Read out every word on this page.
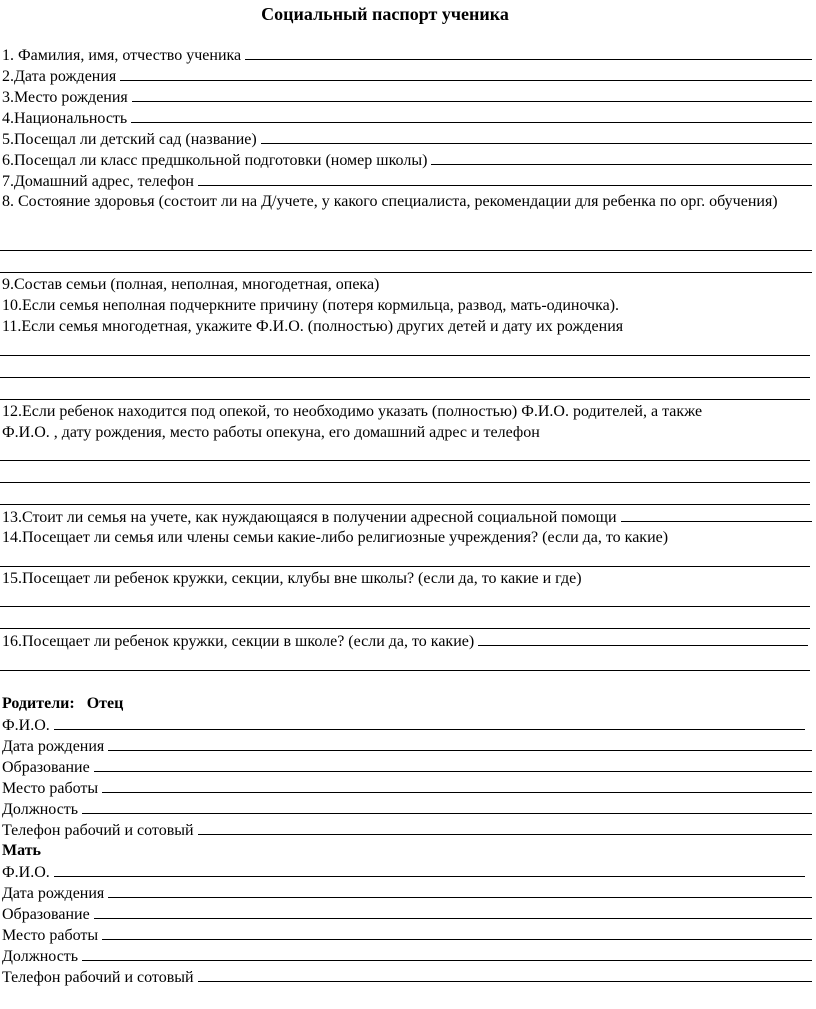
Социальный паспорт ученика
1. Фамилия, имя, отчество ученика
2.Дата рождения
3.Место рождения
4.Национальность
5.Посещал ли детский сад (название)
6.Посещал ли класс предшкольной подготовки (номер школы)
7.Домашний адрес, телефон
8. Состояние здоровья (состоит ли на Д/учете, у какого специалиста, рекомендации для ребенка по орг. обучения)
9.Состав семьи (полная, неполная, многодетная, опека)
10.Если семья неполная подчеркните причину (потеря кормильца, развод, мать-одиночка).
11.Если семья многодетная, укажите Ф.И.О. (полностью) других детей и дату их рождения
12.Если ребенок находится под опекой, то необходимо указать (полностью) Ф.И.О. родителей, а также
Ф.И.О. , дату рождения, место работы опекуна, его домашний адрес и телефон
13.Стоит ли семья на учете, как нуждающаяся в получении адресной социальной помощи
14.Посещает ли семья или члены семьи какие-либо религиозные учреждения? (если да, то какие)
15.Посещает ли ребенок кружки, секции, клубы вне школы? (если да, то какие и где)
16.Посещает ли ребенок кружки, секции в школе? (если да, то какие)
Родители: Отец
Ф.И.О.
Дата рождения
Образование
Место работы
Должность
Телефон рабочий и сотовый
Мать
Ф.И.О.
Дата рождения
Образование
Место работы
Должность
Телефон рабочий и сотовый
